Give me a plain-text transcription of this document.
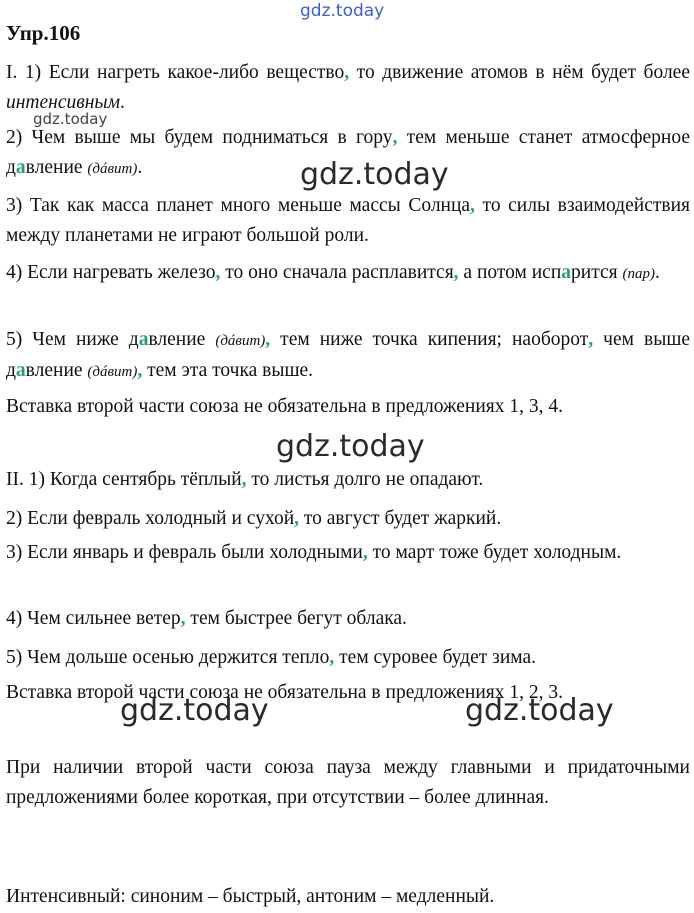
gdz.today
gdz.today
gdz.today
gdz.today
gdz.today	gdz.today
Упр.106

I. 1) Если нагреть какое-либо вещество, то движение атомов в нём будет более интенсивным.

2) Чем выше мы будем подниматься в гору, тем меньше станет атмосферное давление (дáвит).

3) Так как масса планет много меньше массы Солнца, то силы взаимодействия между планетами не играют большой роли.

4) Если нагревать железо, то оно сначала расплавится, а потом испарится (пар).

5) Чем ниже давление (дáвит), тем ниже точка кипения; наоборот, чем выше давление (дáвит), тем эта точка выше.

Вставка второй части союза не обязательна в предложениях 1, 3, 4.

II. 1) Когда сентябрь тёплый, то листья долго не опадают.

2) Если февраль холодный и сухой, то август будет жаркий.

3) Если январь и февраль были холодными, то март тоже будет холодным.

4) Чем сильнее ветер, тем быстрее бегут облака.

5) Чем дольше осенью держится тепло, тем суровее будет зима.

Вставка второй части союза не обязательна в предложениях 1, 2, 3.

При наличии второй части союза пауза между главными и придаточными предложениями более короткая, при отсутствии – более длинная.

Интенсивный: синоним – быстрый, антоним – медленный.
